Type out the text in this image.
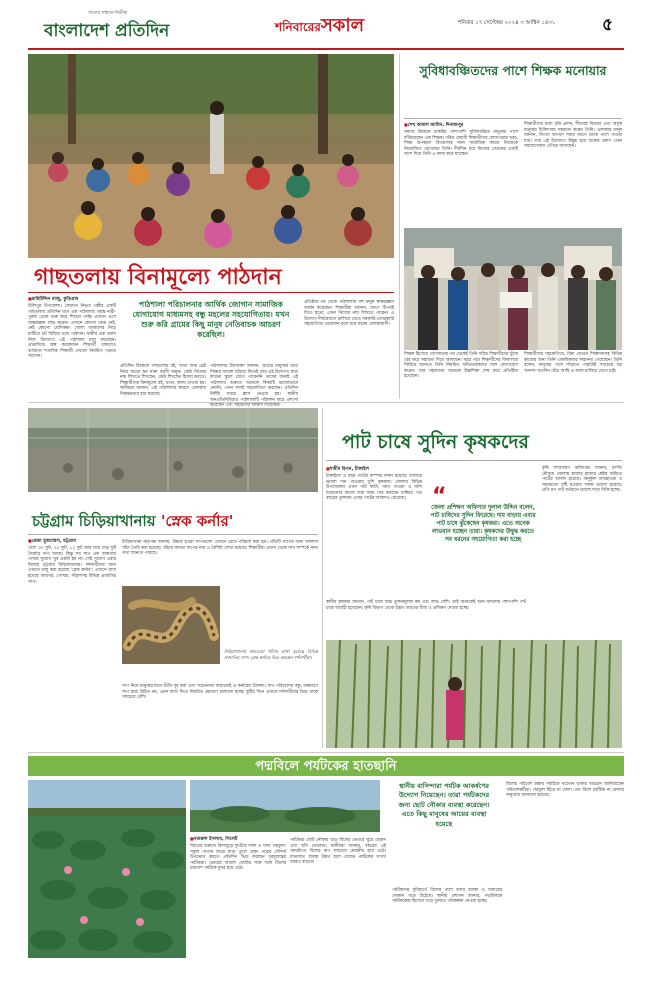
সত্যের সন্ধানে নির্ভীক
বাংলাদেশ প্রতিদিন	শনিবারেরসকাল	শনিবার ১৭ সেপ্টেম্বর ২০২৪ ৩ আশ্বিন ১৪৩১	৫
গাছতলায় বিনামূল্যে পাঠদান
■ রাহিউদ্দিন রাজু, কুড়িগ্রাম
উলিপুর উপজেলা। সেখানে নিভৃত পল্লীর একটি গাছতলায় প্রতিদিন বসে এক পাঠশালা। বয়স্ক নারী-পুরুষ থেকে শুরু করে শিশুরা পর্যন্ত এখানে এসে অক্ষরজ্ঞান লাভ করেন। এখানে কোনো বেঞ্চ নেই, নেই কোনো শ্রেণিকক্ষ। খোলা আকাশের নিচে মাটিতে চট বিছিয়ে চলে পাঠদান। স্থানীয় এক তরুণ নিজ উদ্যোগে এই পাঠশালা চালু করেছেন। প্রথমদিকে অল্প কয়েকজন শিক্ষার্থী থাকলেও বর্তমানে শতাধিক শিক্ষার্থী এখানে নিয়মিত পড়তে আসেন।
পাঠশালা পরিচালনার আর্থিক জোগান সামাজিক যোগাযোগ মাধ্যমসহ বন্ধু মহলের সহযোগিতায়। যখন শুরু করি গ্রামের কিছু মানুষ নেতিবাচক আচরণ করেছিল।
প্রতিদিন বিকেলে গাছতলায় বই, খাতা আর স্লেট নিয়ে জড়ো হন নানা বয়সী মানুষ। কেউ নিজের নাম লিখতে শিখছেন, কেউ শিখছেন হিসাব করতে। শিক্ষার্থীদের বিনামূল্যে বই, খাতা, কলম দেওয়া হয়। স্থানীয়রা জানান, এই পাঠশালার কারণে এলাকায় নিরক্ষরতার হার কমেছে।
পাঠশালার উদ্যোক্তা জানান, গ্রামের মানুষের মধ্যে শিক্ষার আলো ছড়িয়ে দিতেই তার এই উদ্যোগ। যারা কখনো স্কুলে যেতে পারেননি তাদের জন্যই এই পাঠশালা। শুরুতে অনেকে বিষয়টি ভালোভাবে নেয়নি, এখন সবাই সহযোগিতা করছেন। প্রতিদিন নির্দিষ্ট সময়ে ক্লাস নেওয়া হয়। স্থানীয় জনপ্রতিনিধিরাও পাঠশালাটি পরিদর্শন করে প্রশংসা করেছেন এবং সহায়তার আশ্বাস দিয়েছেন।
প্রতিষ্ঠার পর থেকে পাঠশালায় বহু মানুষ স্বাক্ষরজ্ঞান অর্জন করেছেন। শিক্ষার্থীরা জানান, আগে টিপসই দিতে হতো, এখন নিজের নাম লিখতে পারেন। এ উদ্যোগ দীর্ঘমেয়াদে চালিয়ে যেতে সরকারি-বেসরকারি সহযোগিতা প্রয়োজন বলে মনে করেন এলাকাবাসী।
সুবিধাবঞ্চিতদের পাশে শিক্ষক মনোয়ার
■ শেখ কামাল আমিন, দিনাজপুর
সমাজ উন্নয়নে চাকরির পাশাপাশি সুবিধাবঞ্চিত মানুষের পাশে দাঁড়িয়েছেন এক শিক্ষক। দরিদ্র মেধাবী শিক্ষার্থীদের লেখাপড়ার খরচ, শিক্ষা উপকরণ বিতরণসহ নানা সামাজিক কাজে নিজেকে নিয়োজিত রেখেছেন তিনি। দীর্ঘদিন ধরে নিজের বেতনের একটি অংশ দিয়ে তিনি এ কাজ করে যাচ্ছেন।
শিক্ষার্থীদের মধ্যে বৃত্তি প্রদান, শীতবস্ত্র বিতরণ এবং অসুস্থ মানুষের চিকিৎসায় সহায়তা করেন তিনি। এলাকার মানুষ জানান, বিপদে আপদে সবার আগে তাকে পাশে পাওয়া যায়। তার এই উদ্যোগে উদ্বুদ্ধ হয়ে অনেক তরুণ এখন সমাজসেবায় এগিয়ে আসছেন।
শিক্ষক হিসেবে যোগদানের পর থেকেই তিনি দরিদ্র শিক্ষার্থীদের খুঁজে বের করে সহায়তা দিয়ে আসছেন। ঝরে পড়া শিক্ষার্থীদের বিদ্যালয়ে ফিরিয়ে আনতে তিনি নিয়মিত অভিভাবকদের সঙ্গে যোগাযোগ করেন। তার সহায়তায় অনেকে উচ্চশিক্ষা শেষ করে প্রতিষ্ঠিত হয়েছেন।
শিক্ষার্থীদের সহযোগিতা, বিনা বেতনে শিক্ষাদানসহ বিভিন্ন কাজের জন্য তিনি একাধিকবার সম্মাননা পেয়েছেন। তিনি বলেন, মানুষের পাশে দাঁড়াতে পারাটাই সবচেয়ে বড় আনন্দ। যতদিন বেঁচে আছি এ কাজ চালিয়ে যেতে চাই।
চট্টগ্রাম চিড়িয়াখানায় 'স্নেক কর্নার'
■ রেজা মুজাম্মেল, চট্টগ্রাম
দেশে ৩০ ফুট, ২৫ ফুট, ১২ ফুট আর মাত্র দেড় ফুট দৈর্ঘ্যের সাপ আছে। কিন্তু সব সাপ এক জায়গায় দেখার সুযোগ খুব একটা হয় না। সেই সুযোগ এবার মিলছে চট্টগ্রাম চিড়িয়াখানায়। দর্শনার্থীদের জন্য এখানে চালু করা হয়েছে 'স্নেক কর্নার'। এখানে রাখা হয়েছে অজগর, গোখরা, দাঁড়াশসহ বিভিন্ন প্রজাতির সাপ।
চিড়িয়াখানা কর্তৃপক্ষ জানায়, উদ্ধার হওয়া সাপগুলো এখানে রেখে পরিচর্যা করা হয়। প্রতিটি সাপের জন্য আলাদা খাঁচা তৈরি করা হয়েছে। খাঁচার সামনে সাপের নাম ও বৈশিষ্ট্য লেখা রয়েছে। শিক্ষার্থীরা এখান থেকে সাপ সম্পর্কে নানা তথ্য জানতে পারছে।
চিড়িয়াখানায় কাচঘেরা খাঁচায় রাখা হয়েছে বিভিন্ন প্রজাতির সাপ। স্নেক কর্নারে ভিড় করছেন দর্শনার্থীরা।
সাপ নিয়ে মানুষের মধ্যে ভীতি দূর করা এবং সচেতনতা বাড়ানোই এ কর্নারের উদ্দেশ্য। সাপ পরিবেশের বন্ধু, অকারণে সাপ মারা উচিত নয়, এমন বার্তা দিতে নিয়মিত প্রচারণা চালানো হচ্ছে। ছুটির দিনে এখানে দর্শনার্থীদের ভিড় থাকে সবচেয়ে বেশি।
পাট চাষে সুদিন কৃষকদের
■ শামীম রিপন, টাঙ্গাইল
টাঙ্গাইলে এ বছর পাটের বাম্পার ফলন হয়েছে। বাজারে ভালো দাম পাওয়ায় খুশি কৃষকরা। জেলার বিভিন্ন উপজেলায় এখন পাট কাটা, জাগ দেওয়া ও আঁশ ছাড়ানোর কাজে ব্যস্ত সময় পার করছেন চাষিরা। গত বছরের তুলনায় এবার পাটের আবাদও বেড়েছে।	“
জেলা প্রশিক্ষণ অফিসার দুলাল উদ্দিন বলেন, পাট চাষিদের সুদিন ফিরেছে। দাম বাড়ায় এবার পাট চাষে ঝুঁকেছেন কৃষকরা। এতে অনেক লাভবান হচ্ছেন তারা। কৃষকদের উদ্বুদ্ধ করতে সব ধরনের সহযোগিতা করা হচ্ছে
কৃষি সম্প্রসারণ অধিদপ্তর জানায়, চলতি মৌসুমে জেলায় হাজার হাজার হেক্টর জমিতে পাটের আবাদ হয়েছে। অনুকূল আবহাওয়া ও সময়মতো বৃষ্টি হওয়ায় ফলন ভালো হয়েছে। প্রতি মণ পাট বর্তমানে ভালো দামে বিক্রি হচ্ছে।
স্থানীয় কৃষকরা জানান, পাট চাষে খরচ তুলনামূলক কম এবং লাভ বেশি। তাই অনেকেই অন্য ফসলের পাশাপাশি পাট চাষে আগ্রহী হয়েছেন। কৃষি বিভাগ থেকে উন্নত জাতের বীজ ও প্রশিক্ষণ দেওয়া হচ্ছে।
পদ্মবিলে পর্যটকের হাতছানি
স্থানীয় বাসিন্দারা পর্যটক আকর্ষণের উদ্যোগ নিয়েছেন। তারা পর্যটকদের জন্য ছোট নৌকার ব্যবস্থা করেছেন। এতে কিছু মানুষের আয়ের ব্যবস্থা হয়েছে
■ নজরুল ইসলাম, সিলেট
শরতের শুরুতে বিলজুড়ে ফুটেছে লাল ও সাদা পদ্মফুল। সবুজ পাতার মাঝে মাথা তুলে থাকা পদ্মের সৌন্দর্য উপভোগ করতে প্রতিদিন ভিড় করছেন দূরদূরান্তের পর্যটকরা। ভোরের আলো ফোটার সঙ্গে সঙ্গে বিলের চারপাশ পর্যটকে মুখর হয়ে ওঠে।
পর্যটকরা ছোট নৌকায় চড়ে বিলের ভেতরে ঘুরে বেড়ান এবং ছবি তোলেন। স্থানীয়রা জানান, বছরের এই সময়টাতে বিলের রূপ সবচেয়ে মোহনীয় হয়ে ওঠে। যাতায়াত ব্যবস্থা উন্নত হলে এখানে পর্যটকের সংখ্যা আরও বাড়বে।
পর্যটকদের সুবিধার্থে বিলের পাশে বসার ব্যবস্থা ও খাবারের দোকান গড়ে উঠেছে। স্থানীয় প্রশাসন জানায়, পদ্মবিলকে পর্যটনকেন্দ্র হিসেবে গড়ে তুলতে পরিকল্পনা নেওয়া হচ্ছে।
বিলের পরিবেশ রক্ষায় সবাইকে সচেতন থাকার আহ্বান জানিয়েছেন পরিবেশকর্মীরা। পদ্মফুল ছিঁড়ে না ফেলা এবং বিলে প্লাস্টিক না ফেলার অনুরোধ জানানো হয়েছে।
